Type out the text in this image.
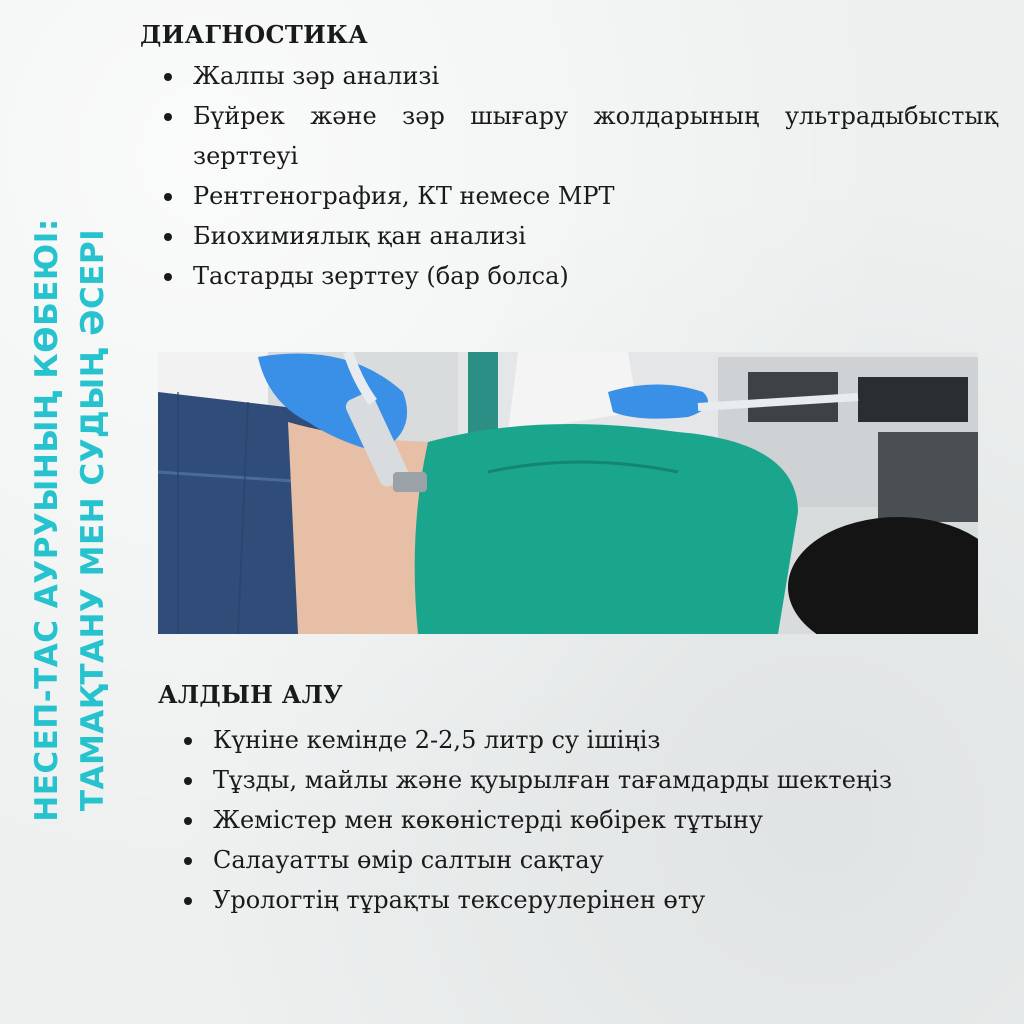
НЕСЕП-ТАС АУРУЫНЫҢ КӨБЕЮІ: ТАМАҚТАНУ МЕН СУДЫҢ ӘСЕРІ
ДИАГНОСТИКА
Жалпы зәр анализі
Бүйрек және зәр шығару жолдарының ультрадыбыстық зерттеуі
Рентгенография, КТ немесе МРТ
Биохимиялық қан анализі
Тастарды зерттеу (бар болса)
АЛДЫН АЛУ
Күніне кемінде 2-2,5 литр су ішіңіз
Тұзды, майлы және қуырылған тағамдарды шектеңіз
Жемістер мен көкөністерді көбірек тұтыну
Салауатты өмір салтын сақтау
Урологтің тұрақты тексерулерінен өту
